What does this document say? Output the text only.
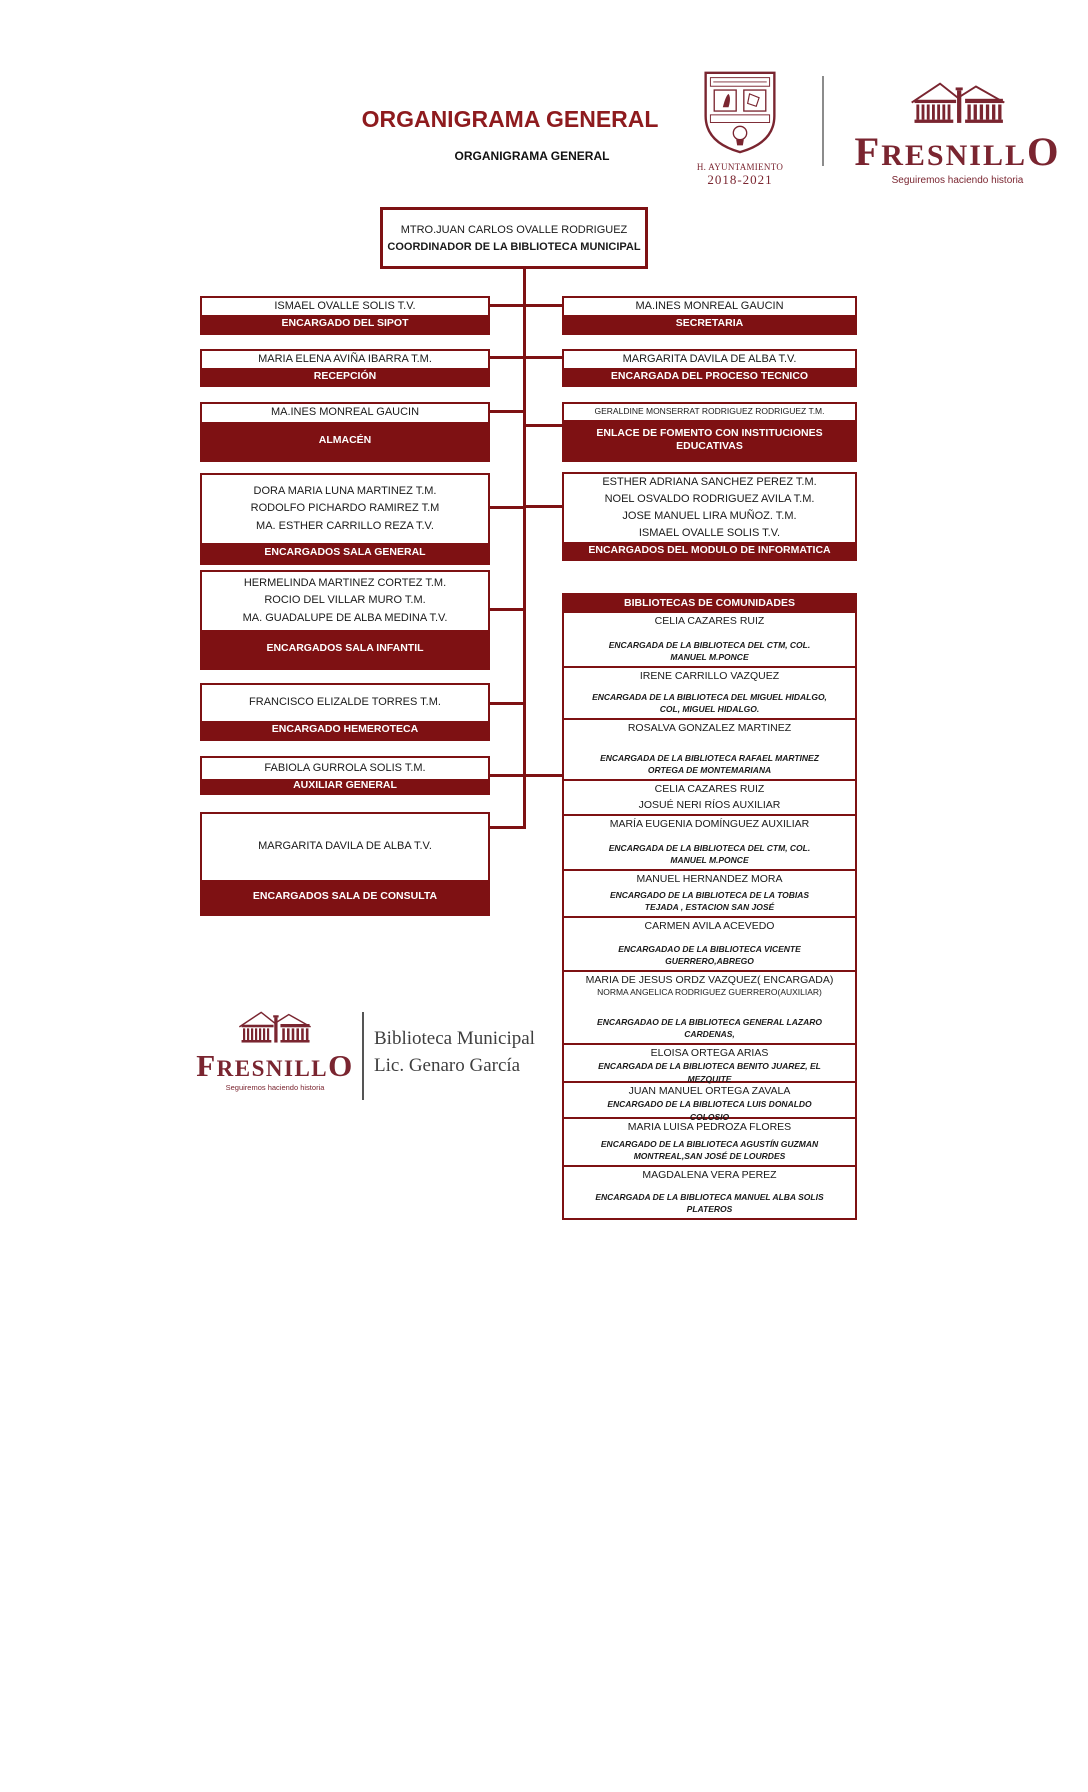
ORGANIGRAMA GENERAL
ORGANIGRAMA GENERAL
H. AYUNTAMIENTO
2018-2021
FRESNILLO
Seguiremos haciendo historia
MTRO.JUAN CARLOS OVALLE RODRIGUEZ
COORDINADOR DE LA BIBLIOTECA MUNICIPAL
BIBLIOTECAS DE COMUNIDADES
CELIA CAZARES RUIZ
ENCARGADA DE LA BIBLIOTECA DEL CTM, COL. MANUEL M.PONCE
IRENE CARRILLO VAZQUEZ
ENCARGADA DE LA BIBLIOTECA DEL MIGUEL HIDALGO, COL, MIGUEL HIDALGO.
ROSALVA GONZALEZ MARTINEZ
ENCARGADA DE LA BIBLIOTECA RAFAEL MARTINEZ ORTEGA DE MONTEMARIANA
CELIA CAZARES RUIZ
JOSUÉ NERI RÍOS AUXILIAR
MARÍA EUGENIA DOMÍNGUEZ AUXILIAR
ENCARGADA DE LA BIBLIOTECA DEL CTM, COL. MANUEL M.PONCE
MANUEL HERNANDEZ MORA
ENCARGADO DE LA BIBLIOTECA DE LA TOBIAS TEJADA , ESTACION SAN JOSÉ
CARMEN AVILA ACEVEDO
ENCARGADAO DE LA BIBLIOTECA VICENTE GUERRERO,ABREGO
MARIA DE JESUS ORDZ VAZQUEZ( ENCARGADA)
NORMA ANGELICA RODRIGUEZ GUERRERO(AUXILIAR)
ENCARGADAO DE LA BIBLIOTECA GENERAL LAZARO CARDENAS,
ELOISA ORTEGA ARIAS
ENCARGADA DE LA BIBLIOTECA BENITO JUAREZ, EL MEZQUITE
JUAN MANUEL ORTEGA ZAVALA
ENCARGADO DE LA BIBLIOTECA LUIS DONALDO COLOSIO
MARIA LUISA PEDROZA FLORES
ENCARGADO DE LA BIBLIOTECA AGUSTÍN GUZMAN MONTREAL,SAN JOSÉ DE LOURDES
MAGDALENA VERA PEREZ
ENCARGADA DE LA BIBLIOTECA MANUEL ALBA SOLIS PLATEROS
FRESNILLO
Seguiremos haciendo historia
Biblioteca Municipal
Lic. Genaro García
ISMAEL OVALLE SOLIS T.V.
ENCARGADO DEL SIPOT
MARIA ELENA AVIÑA IBARRA T.M.
RECEPCIÓN
MA.INES MONREAL GAUCIN
ALMACÉN
DORA MARIA LUNA MARTINEZ T.M.
RODOLFO PICHARDO RAMIREZ T.M
MA. ESTHER CARRILLO REZA T.V.
ENCARGADOS SALA GENERAL
HERMELINDA MARTINEZ CORTEZ T.M.
ROCIO DEL VILLAR MURO T.M.
MA. GUADALUPE DE ALBA MEDINA T.V.
ENCARGADOS SALA INFANTIL
FRANCISCO ELIZALDE TORRES T.M.
ENCARGADO HEMEROTECA
FABIOLA GURROLA SOLIS T.M.
AUXILIAR GENERAL
MARGARITA DAVILA DE ALBA T.V.
ENCARGADOS SALA DE CONSULTA
MA.INES MONREAL GAUCIN
SECRETARIA
MARGARITA DAVILA DE ALBA T.V.
ENCARGADA DEL PROCESO TECNICO
GERALDINE MONSERRAT RODRIGUEZ RODRIGUEZ T.M.
ENLACE DE FOMENTO CON INSTITUCIONES EDUCATIVAS
ESTHER ADRIANA SANCHEZ PEREZ T.M.
NOEL OSVALDO RODRIGUEZ AVILA T.M.
JOSE MANUEL LIRA MUÑOZ. T.M.
ISMAEL OVALLE SOLIS T.V.
ENCARGADOS DEL MODULO DE INFORMATICA
